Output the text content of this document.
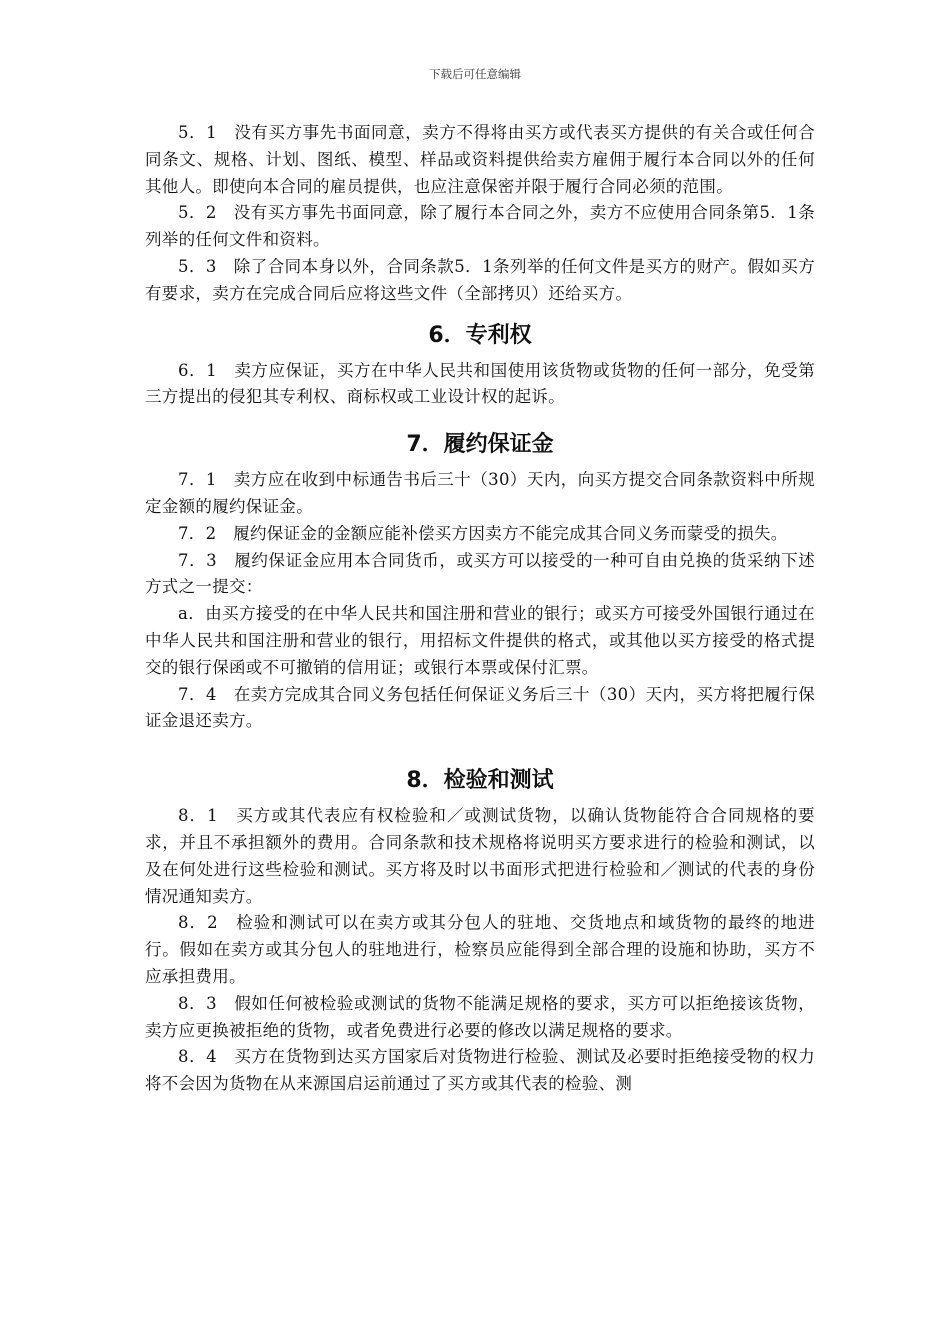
下载后可任意编辑

5．1　没有买方事先书面同意，卖方不得将由买方或代表买方提供的有关合或任何合同条文、规格、计划、图纸、模型、样品或资料提供给卖方雇佣于履行本合同以外的任何其他人。即使向本合同的雇员提供，也应注意保密并限于履行合同必须的范围。

5．2　没有买方事先书面同意，除了履行本合同之外，卖方不应使用合同条第5．1条列举的任何文件和资料。

5．3　除了合同本身以外，合同条款5．1条列举的任何文件是买方的财产。假如买方有要求，卖方在完成合同后应将这些文件（全部拷贝）还给买方。

6．专利权

6．1　卖方应保证，买方在中华人民共和国使用该货物或货物的任何一部分，免受第三方提出的侵犯其专利权、商标权或工业设计权的起诉。

7．履约保证金

7．1　卖方应在收到中标通告书后三十（30）天内，向买方提交合同条款资料中所规定金额的履约保证金。

7．2　履约保证金的金额应能补偿买方因卖方不能完成其合同义务而蒙受的损失。

7．3　履约保证金应用本合同货币，或买方可以接受的一种可自由兑换的货采纳下述方式之一提交：

a．由买方接受的在中华人民共和国注册和营业的银行；或买方可接受外国银行通过在中华人民共和国注册和营业的银行，用招标文件提供的格式，或其他以买方接受的格式提交的银行保函或不可撤销的信用证；或银行本票或保付汇票。

7．4　在卖方完成其合同义务包括任何保证义务后三十（30）天内，买方将把履行保证金退还卖方。

8．检验和测试

8．1　买方或其代表应有权检验和／或测试货物，以确认货物能符合合同规格的要求，并且不承担额外的费用。合同条款和技术规格将说明买方要求进行的检验和测试，以及在何处进行这些检验和测试。买方将及时以书面形式把进行检验和／测试的代表的身份情况通知卖方。

8．2　检验和测试可以在卖方或其分包人的驻地、交货地点和域货物的最终的地进行。假如在卖方或其分包人的驻地进行，检察员应能得到全部合理的设施和协助，买方不应承担费用。

8．3　假如任何被检验或测试的货物不能满足规格的要求，买方可以拒绝接该货物，卖方应更换被拒绝的货物，或者免费进行必要的修改以满足规格的要求。

8．4　买方在货物到达买方国家后对货物进行检验、测试及必要时拒绝接受物的权力将不会因为货物在从来源国启运前通过了买方或其代表的检验、测
